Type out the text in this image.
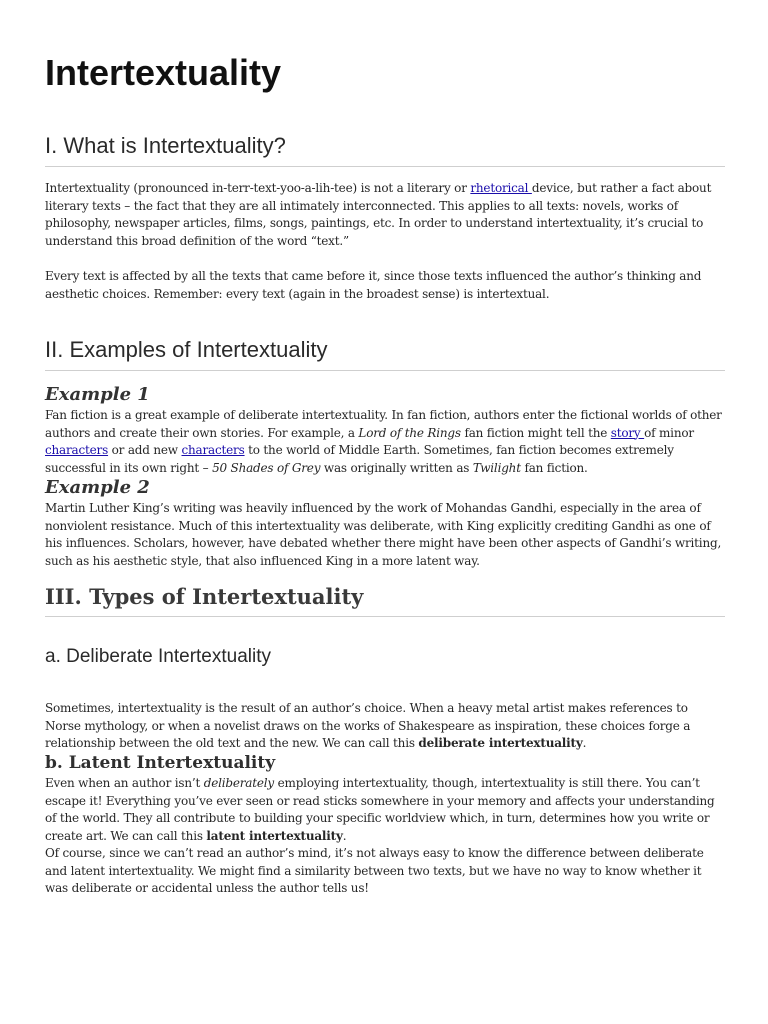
Intertextuality
I. What is Intertextuality?

Intertextuality (pronounced in-terr-text-yoo-a-lih-tee) is not a literary or rhetorical device, but rather a fact about literary texts – the fact that they are all intimately interconnected. This applies to all texts: novels, works of philosophy, newspaper articles, films, songs, paintings, etc. In order to understand intertextuality, it’s crucial to understand this broad definition of the word “text.”

Every text is affected by all the texts that came before it, since those texts influenced the author’s thinking and aesthetic choices. Remember: every text (again in the broadest sense) is intertextual.

II. Examples of Intertextuality
Example 1

Fan fiction is a great example of deliberate intertextuality. In fan fiction, authors enter the fictional worlds of other authors and create their own stories. For example, a Lord of the Rings fan fiction might tell the story of minor characters or add new characters to the world of Middle Earth. Sometimes, fan fiction becomes extremely successful in its own right – 50 Shades of Grey was originally written as Twilight fan fiction.

Example 2

Martin Luther King’s writing was heavily influenced by the work of Mohandas Gandhi, especially in the area of nonviolent resistance. Much of this intertextuality was deliberate, with King explicitly crediting Gandhi as one of his influences. Scholars, however, have debated whether there might have been other aspects of Gandhi’s writing, such as his aesthetic style, that also influenced King in a more latent way.

III. Types of Intertextuality
a. Deliberate Intertextuality

Sometimes, intertextuality is the result of an author’s choice. When a heavy metal artist makes references to Norse mythology, or when a novelist draws on the works of Shakespeare as inspiration, these choices forge a relationship between the old text and the new. We can call this deliberate intertextuality.

b. Latent Intertextuality

Even when an author isn’t deliberately employing intertextuality, though, intertextuality is still there. You can’t escape it! Everything you’ve ever seen or read sticks somewhere in your memory and affects your understanding of the world. They all contribute to building your specific worldview which, in turn, determines how you write or create art. We can call this latent intertextuality.

Of course, since we can’t read an author’s mind, it’s not always easy to know the difference between deliberate and latent intertextuality. We might find a similarity between two texts, but we have no way to know whether it was deliberate or accidental unless the author tells us!
